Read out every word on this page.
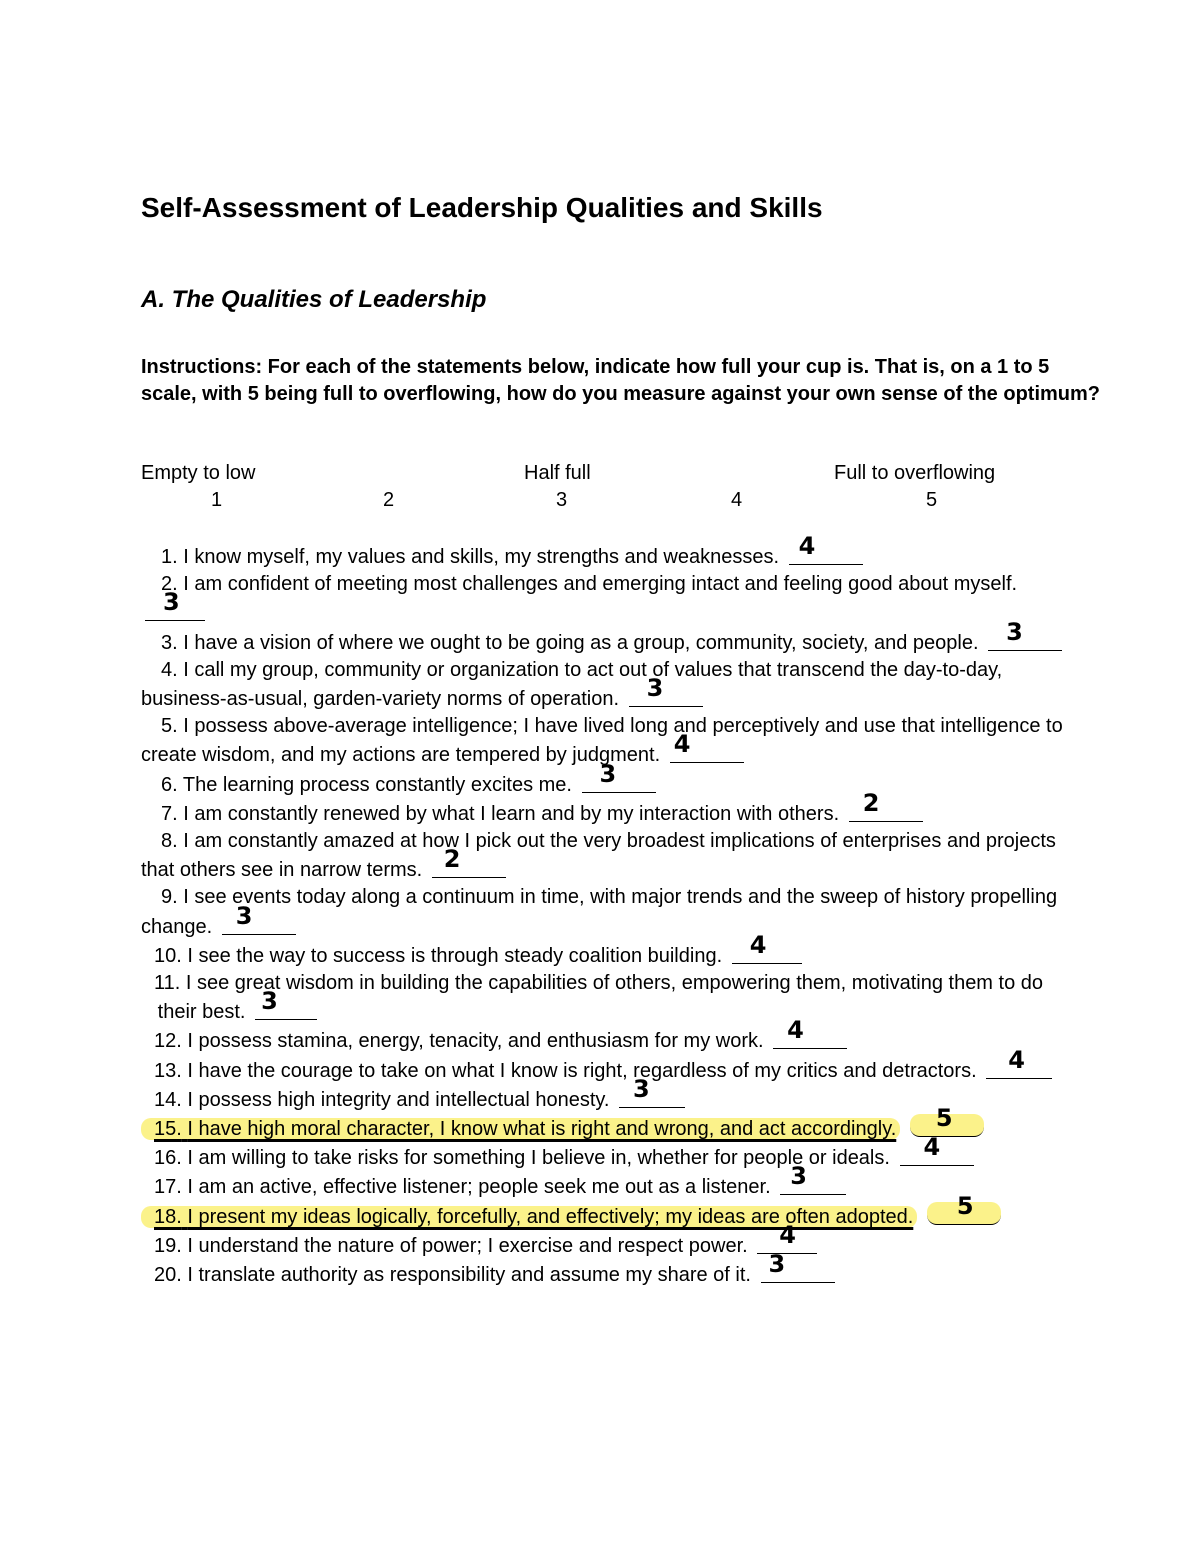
Self-Assessment of Leadership Qualities and Skills
A. The Qualities of Leadership

Instructions: For each of the statements below, indicate how full your cup is. That is, on a 1 to 5 scale, with 5 being full to overflowing, how do you measure against your own sense of the optimum?

Empty to low	Half full	Full to overflowing
1	2	3	4	5

1. I know myself, my values and skills, my strengths and weaknesses. 4

2. I am confident of meeting most challenges and emerging intact and feeling good about myself.
3

3. I have a vision of where we ought to be going as a group, community, society, and people. 3

4. I call my group, community or organization to act out of values that transcend the day-to-day, business-as-usual, garden-variety norms of operation. 3

5. I possess above-average intelligence; I have lived long and perceptively and use that intelligence to create wisdom, and my actions are tempered by judgment. 4

6. The learning process constantly excites me. 3

7. I am constantly renewed by what I learn and by my interaction with others. 2

8. I am constantly amazed at how I pick out the very broadest implications of enterprises and projects that others see in narrow terms. 2

9. I see events today along a continuum in time, with major trends and the sweep of history propelling change. 3

10. I see the way to success is through steady coalition building. 4

11. I see great wisdom in building the capabilities of others, empowering them, motivating them to do    their best. 3

12. I possess stamina, energy, tenacity, and enthusiasm for my work. 4

13. I have the courage to take on what I know is right, regardless of my critics and detractors. 4

14. I possess high integrity and intellectual honesty. 3

15. I have high moral character, I know what is right and wrong, and act accordingly. 5

16. I am willing to take risks for something I believe in, whether for people or ideals. 4

17. I am an active, effective listener; people seek me out as a listener. 3

18. I present my ideas logically, forcefully, and effectively; my ideas are often adopted. 5

19. I understand the nature of power; I exercise and respect power. 4

20. I translate authority as responsibility and assume my share of it. 3
